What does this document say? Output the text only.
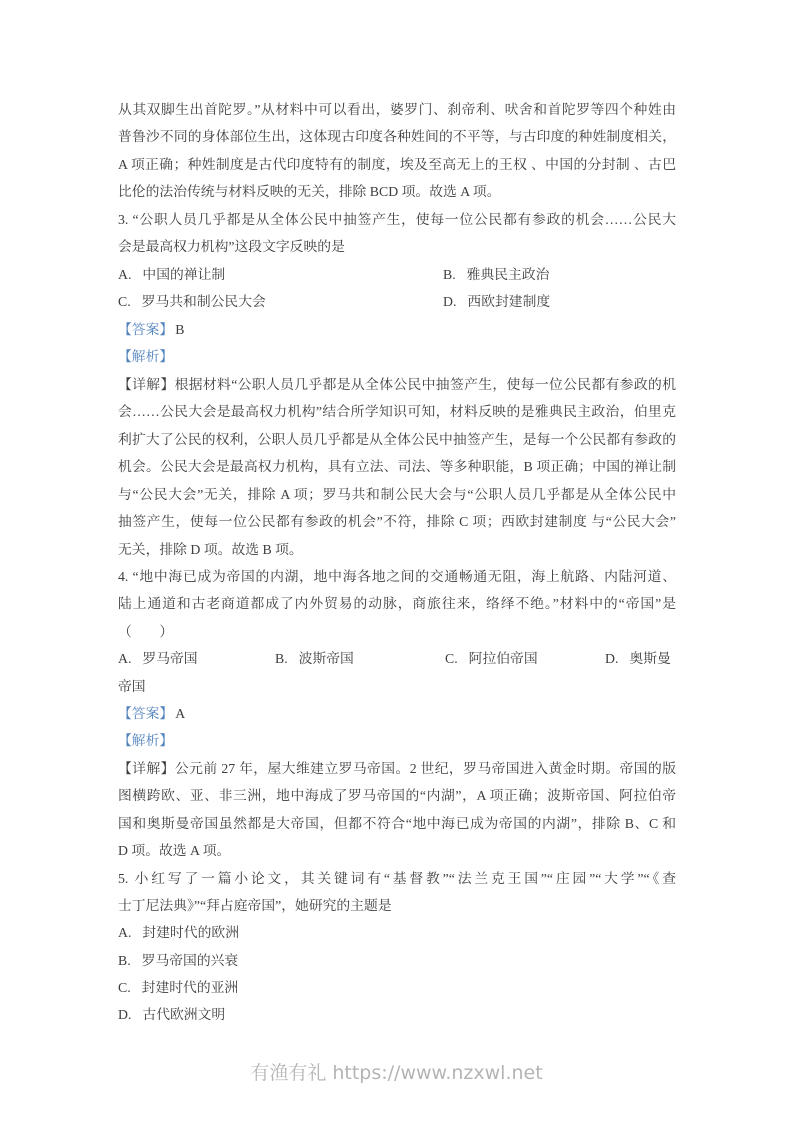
从其双脚生出首陀罗。”从材料中可以看出，婆罗门、刹帝利、吠舍和首陀罗等四个种姓由
普鲁沙不同的身体部位生出，这体现古印度各种姓间的不平等，与古印度的种姓制度相关，
A 项正确；种姓制度是古代印度特有的制度，埃及至高无上的王权 、中国的分封制 、古巴
比伦的法治传统与材料反映的无关，排除 BCD 项。故选 A 项。
3. “公职人员几乎都是从全体公民中抽签产生，使每一位公民都有参政的机会……公民大
会是最高权力机构”这段文字反映的是
A. 中国的禅让制	B. 雅典民主政治
C. 罗马共和制公民大会	D. 西欧封建制度
【答案】 B
【解析】
【详解】根据材料“公职人员几乎都是从全体公民中抽签产生，使每一位公民都有参政的机
会……公民大会是最高权力机构”结合所学知识可知，材料反映的是雅典民主政治，伯里克
利扩大了公民的权利，公职人员几乎都是从全体公民中抽签产生，是每一个公民都有参政的
机会。公民大会是最高权力机构，具有立法、司法、等多种职能，B 项正确；中国的禅让制
与“公民大会”无关，排除 A 项；罗马共和制公民大会与“公职人员几乎都是从全体公民中
抽签产生，使每一位公民都有参政的机会”不符，排除 C 项；西欧封建制度 与“公民大会”
无关，排除 D 项。故选 B 项。
4. “地中海已成为帝国的内湖，地中海各地之间的交通畅通无阻，海上航路、内陆河道、
陆上通道和古老商道都成了内外贸易的动脉，商旅往来，络绎不绝。”材料中的“帝国”是
（　　）
A. 罗马帝国	B. 波斯帝国	C. 阿拉伯帝国	D. 奥斯曼
帝国
【答案】 A
【解析】
【详解】公元前 27 年，屋大维建立罗马帝国。2 世纪，罗马帝国进入黄金时期。帝国的版
图横跨欧、亚、非三洲，地中海成了罗马帝国的“内湖”，A 项正确；波斯帝国、阿拉伯帝
国和奥斯曼帝国虽然都是大帝国，但都不符合“地中海已成为帝国的内湖”，排除 B、C 和
D 项。故选 A 项。
5. 小红写了一篇小论文，其关键词有“基督教”“法兰克王国”“庄园”“大学”“《查
士丁尼法典》”“拜占庭帝国”，她研究的主题是
A. 封建时代的欧洲
B. 罗马帝国的兴衰
C. 封建时代的亚洲
D. 古代欧洲文明
有渔有礼 https://www.nzxwl.net
